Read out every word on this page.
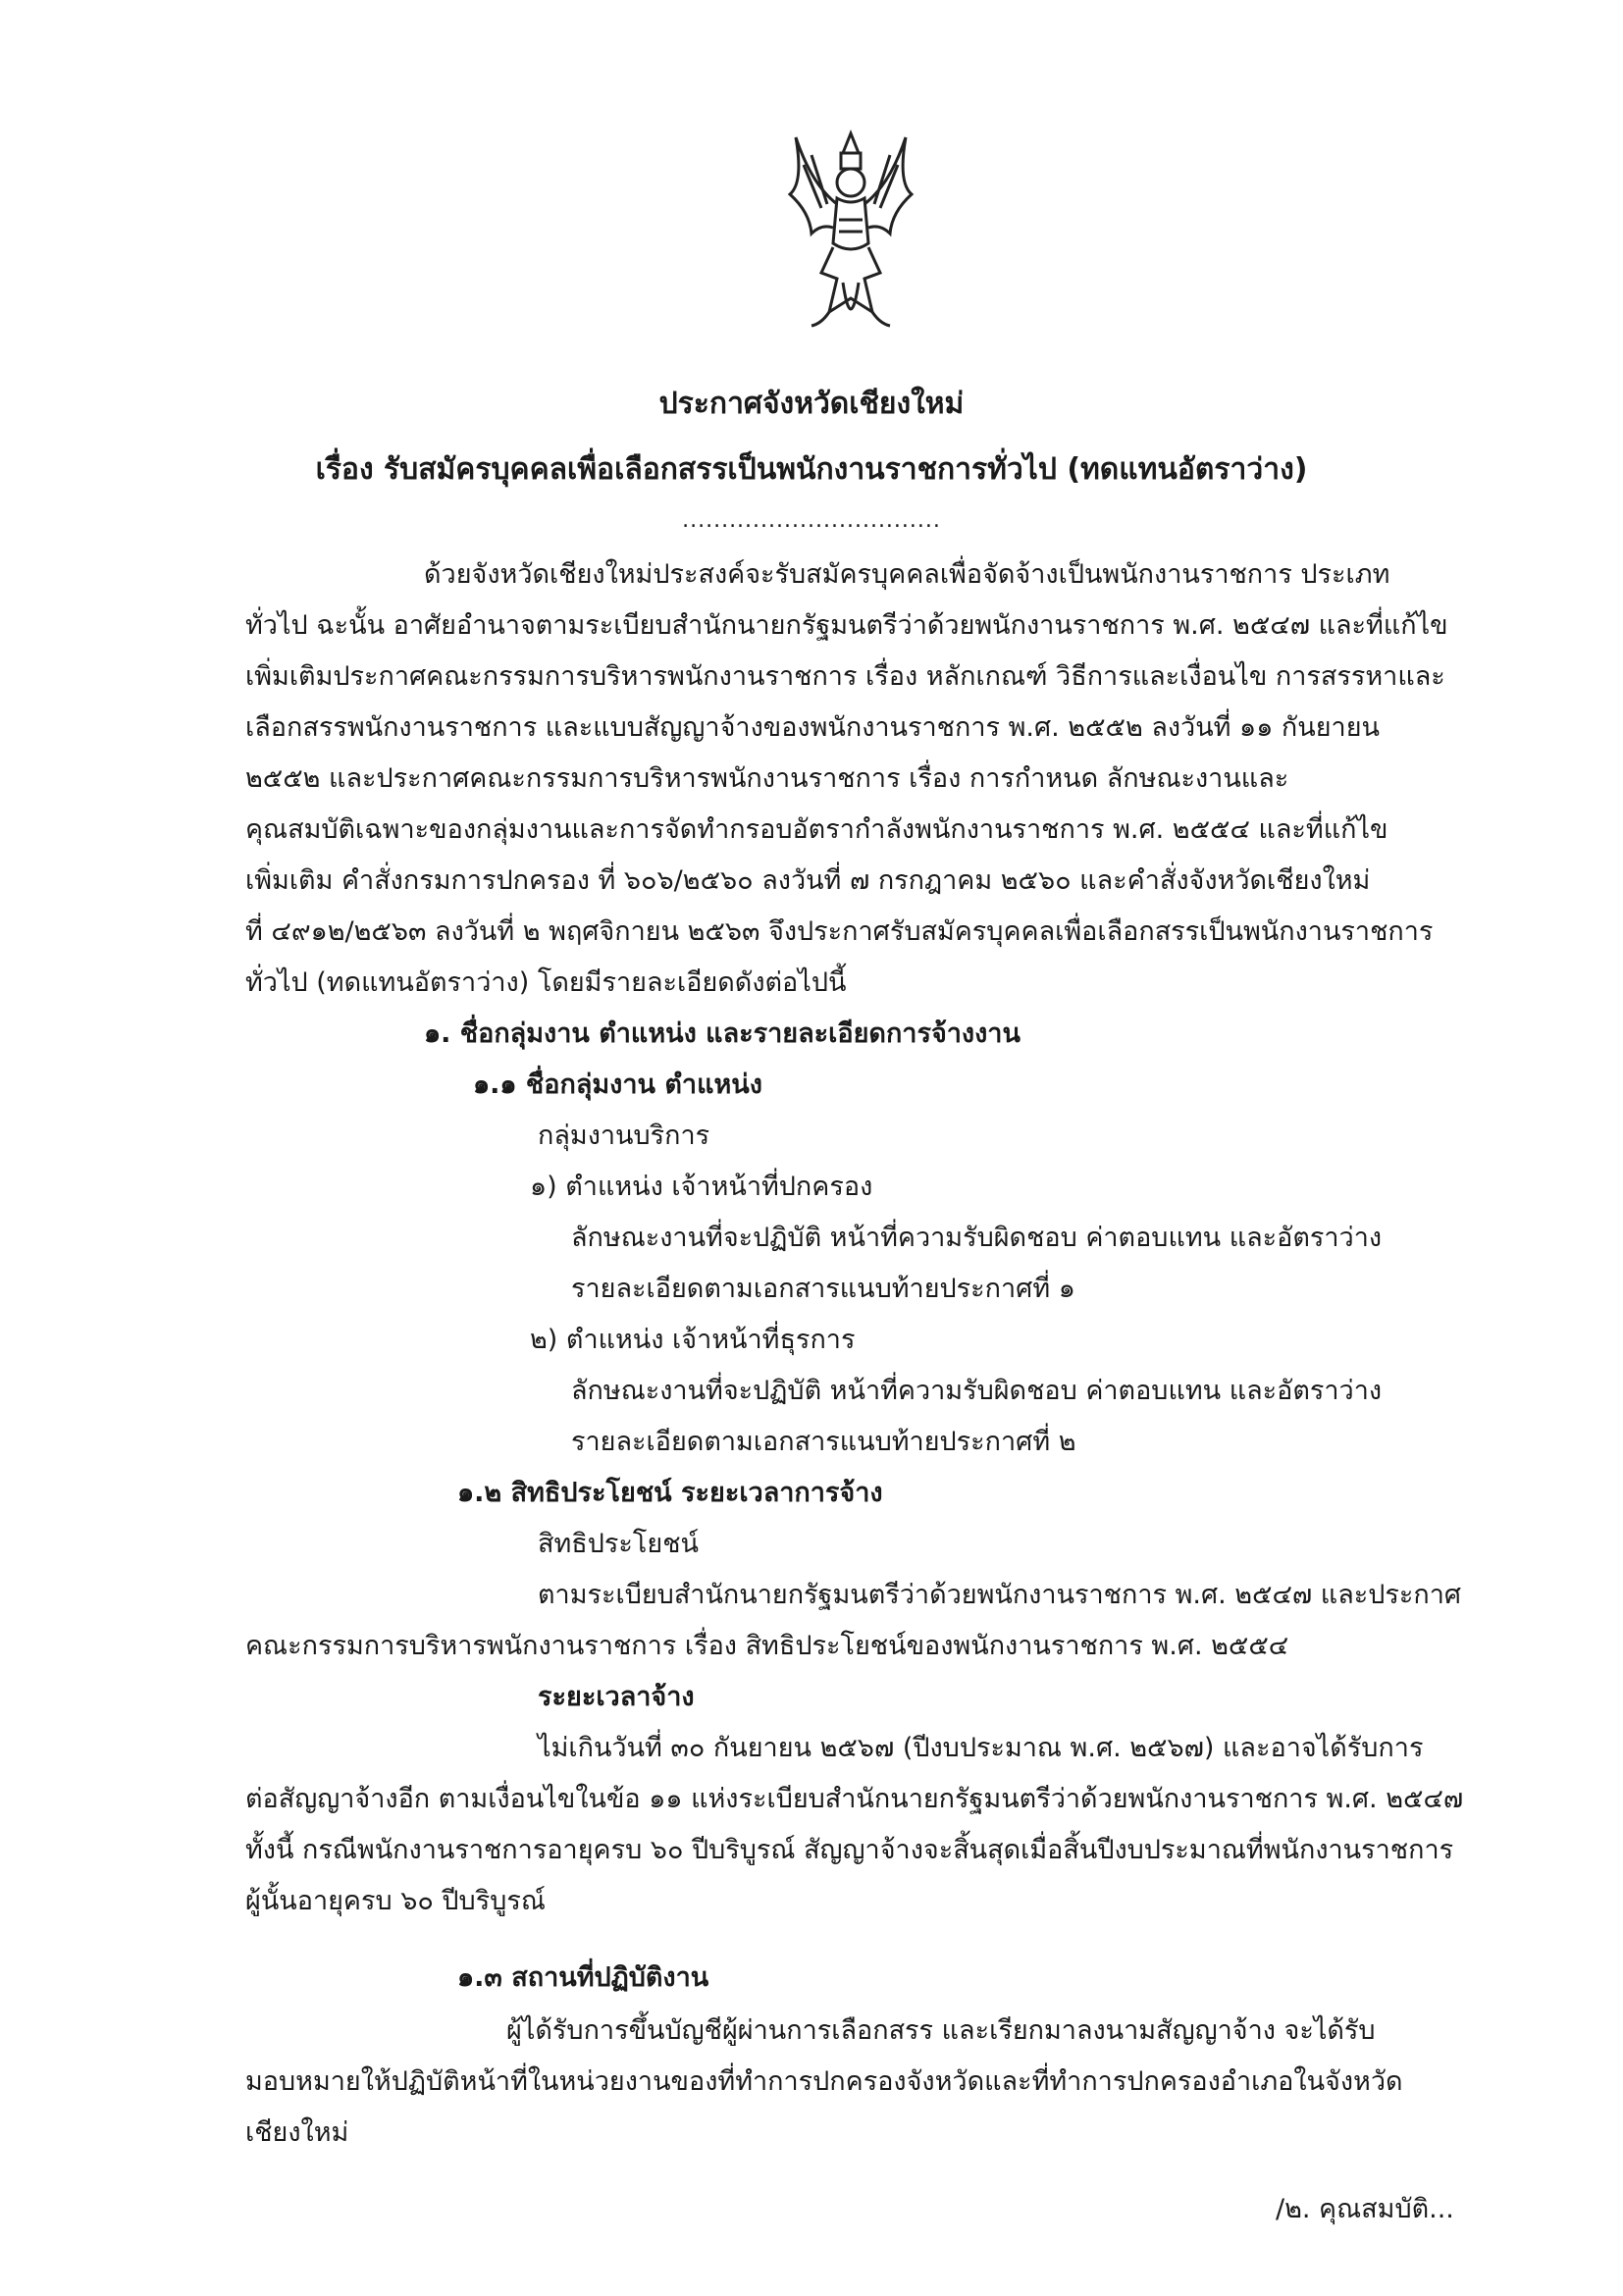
ประกาศจังหวัดเชียงใหม่
เรื่อง รับสมัครบุคคลเพื่อเลือกสรรเป็นพนักงานราชการทั่วไป (ทดแทนอัตราว่าง)
.................................
ด้วยจังหวัดเชียงใหม่ประสงค์จะรับสมัครบุคคลเพื่อจัดจ้างเป็นพนักงานราชการ ประเภท
ทั่วไป ฉะนั้น อาศัยอำนาจตามระเบียบสำนักนายกรัฐมนตรีว่าด้วยพนักงานราชการ พ.ศ. ๒๕๔๗ และที่แก้ไข
เพิ่มเติมประกาศคณะกรรมการบริหารพนักงานราชการ เรื่อง หลักเกณฑ์ วิธีการและเงื่อนไข การสรรหาและ
เลือกสรรพนักงานราชการ และแบบสัญญาจ้างของพนักงานราชการ พ.ศ. ๒๕๕๒ ลงวันที่ ๑๑ กันยายน
๒๕๕๒ และประกาศคณะกรรมการบริหารพนักงานราชการ เรื่อง การกำหนด ลักษณะงานและ
คุณสมบัติเฉพาะของกลุ่มงานและการจัดทำกรอบอัตรากำลังพนักงานราชการ พ.ศ. ๒๕๕๔ และที่แก้ไข
เพิ่มเติม คำสั่งกรมการปกครอง ที่ ๖๐๖/๒๕๖๐ ลงวันที่ ๗ กรกฎาคม ๒๕๖๐ และคำสั่งจังหวัดเชียงใหม่
ที่ ๔๙๑๒/๒๕๖๓ ลงวันที่ ๒ พฤศจิกายน ๒๕๖๓ จึงประกาศรับสมัครบุคคลเพื่อเลือกสรรเป็นพนักงานราชการ
ทั่วไป (ทดแทนอัตราว่าง) โดยมีรายละเอียดดังต่อไปนี้
๑. ชื่อกลุ่มงาน ตำแหน่ง และรายละเอียดการจ้างงาน
๑.๑ ชื่อกลุ่มงาน ตำแหน่ง
กลุ่มงานบริการ
๑) ตำแหน่ง เจ้าหน้าที่ปกครอง
ลักษณะงานที่จะปฏิบัติ หน้าที่ความรับผิดชอบ ค่าตอบแทน และอัตราว่าง
รายละเอียดตามเอกสารแนบท้ายประกาศที่ ๑
๒) ตำแหน่ง เจ้าหน้าที่ธุรการ
ลักษณะงานที่จะปฏิบัติ หน้าที่ความรับผิดชอบ ค่าตอบแทน และอัตราว่าง
รายละเอียดตามเอกสารแนบท้ายประกาศที่ ๒
๑.๒ สิทธิประโยชน์ ระยะเวลาการจ้าง
สิทธิประโยชน์
ตามระเบียบสำนักนายกรัฐมนตรีว่าด้วยพนักงานราชการ พ.ศ. ๒๕๔๗ และประกาศ
คณะกรรมการบริหารพนักงานราชการ เรื่อง สิทธิประโยชน์ของพนักงานราชการ พ.ศ. ๒๕๕๔
ระยะเวลาจ้าง
ไม่เกินวันที่ ๓๐ กันยายน ๒๕๖๗ (ปีงบประมาณ พ.ศ. ๒๕๖๗) และอาจได้รับการ
ต่อสัญญาจ้างอีก ตามเงื่อนไขในข้อ ๑๑ แห่งระเบียบสำนักนายกรัฐมนตรีว่าด้วยพนักงานราชการ พ.ศ. ๒๕๔๗
ทั้งนี้ กรณีพนักงานราชการอายุครบ ๖๐ ปีบริบูรณ์ สัญญาจ้างจะสิ้นสุดเมื่อสิ้นปีงบประมาณที่พนักงานราชการ
ผู้นั้นอายุครบ ๖๐ ปีบริบูรณ์
๑.๓ สถานที่ปฏิบัติงาน
ผู้ได้รับการขึ้นบัญชีผู้ผ่านการเลือกสรร และเรียกมาลงนามสัญญาจ้าง จะได้รับ
มอบหมายให้ปฏิบัติหน้าที่ในหน่วยงานของที่ทำการปกครองจังหวัดและที่ทำการปกครองอำเภอในจังหวัด
เชียงใหม่
/๒. คุณสมบัติ...
